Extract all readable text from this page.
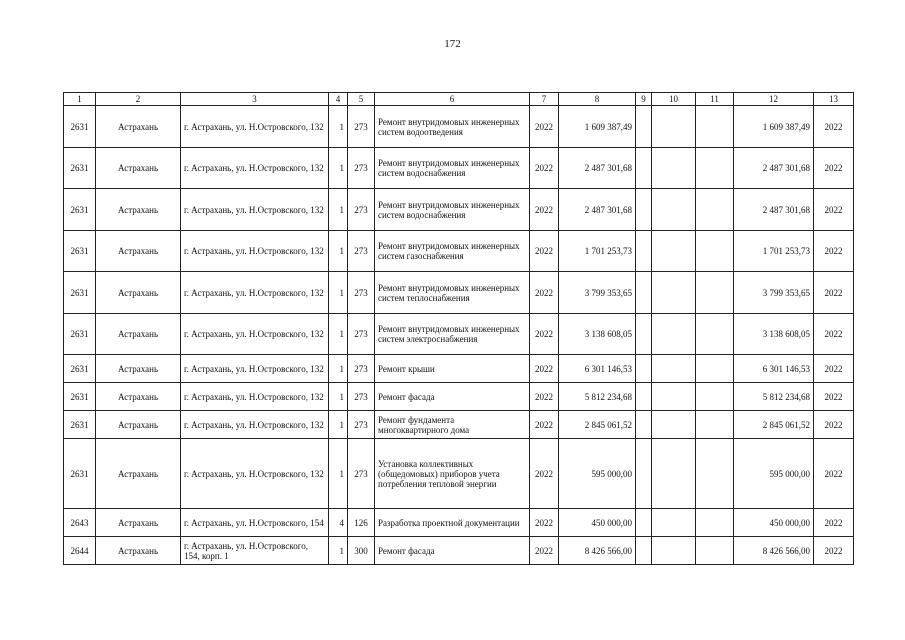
172
1	2	3	4	5	6	7	8	9	10	11	12	13
2631	Астрахань	г. Астрахань, ул. Н.Островского, 132	1	273	Ремонт внутридомовых инженерных систем водоотведения	2022	1 609 387,49				1 609 387,49	2022
2631	Астрахань	г. Астрахань, ул. Н.Островского, 132	1	273	Ремонт внутридомовых инженерных систем водоснабжения	2022	2 487 301,68				2 487 301,68	2022
2631	Астрахань	г. Астрахань, ул. Н.Островского, 132	1	273	Ремонт внутридомовых инженерных систем водоснабжения	2022	2 487 301,68				2 487 301,68	2022
2631	Астрахань	г. Астрахань, ул. Н.Островского, 132	1	273	Ремонт внутридомовых инженерных систем газоснабжения	2022	1 701 253,73				1 701 253,73	2022
2631	Астрахань	г. Астрахань, ул. Н.Островского, 132	1	273	Ремонт внутридомовых инженерных систем теплоснабжения	2022	3 799 353,65				3 799 353,65	2022
2631	Астрахань	г. Астрахань, ул. Н.Островского, 132	1	273	Ремонт внутридомовых инженерных систем электроснабжения	2022	3 138 608,05				3 138 608,05	2022
2631	Астрахань	г. Астрахань, ул. Н.Островского, 132	1	273	Ремонт крыши	2022	6 301 146,53				6 301 146,53	2022
2631	Астрахань	г. Астрахань, ул. Н.Островского, 132	1	273	Ремонт фасада	2022	5 812 234,68				5 812 234,68	2022
2631	Астрахань	г. Астрахань, ул. Н.Островского, 132	1	273	Ремонт фундамента многоквартирного дома	2022	2 845 061,52				2 845 061,52	2022
2631	Астрахань	г. Астрахань, ул. Н.Островского, 132	1	273	Установка коллективных (общедомовых) приборов учета потребления тепловой энергии	2022	595 000,00				595 000,00	2022
2643	Астрахань	г. Астрахань, ул. Н.Островского, 154	4	126	Разработка проектной документации	2022	450 000,00				450 000,00	2022
2644	Астрахань	г. Астрахань, ул. Н.Островского, 154, корп. 1	1	300	Ремонт фасада	2022	8 426 566,00				8 426 566,00	2022
